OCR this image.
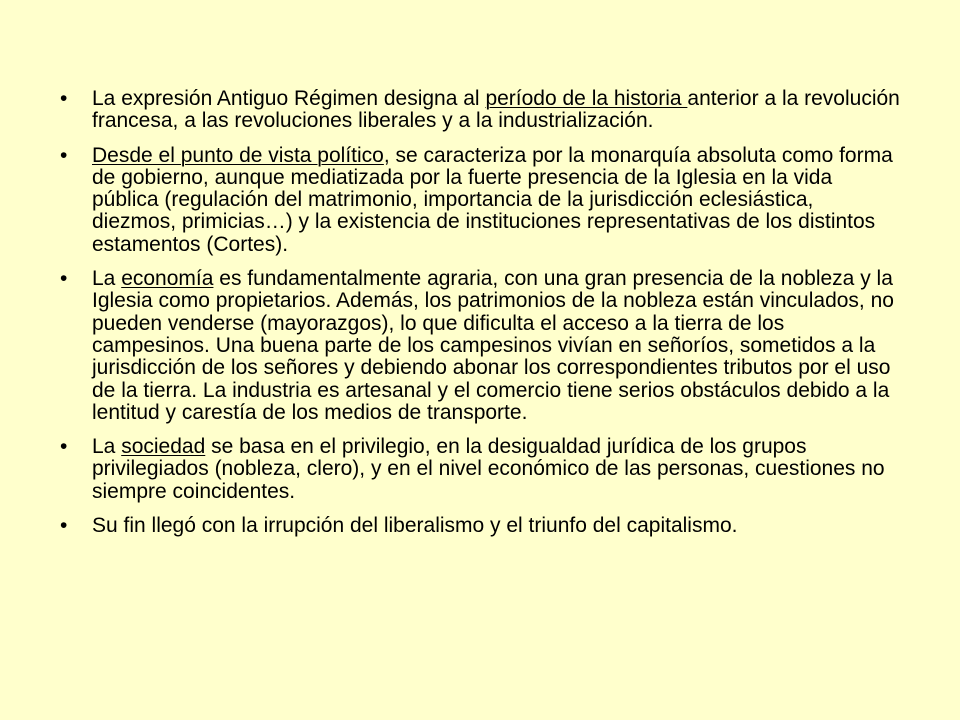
• La expresión Antiguo Régimen designa al período de la historia anterior a la revolución francesa, a las revoluciones liberales y a la industrialización.
• Desde el punto de vista político, se caracteriza por la monarquía absoluta como forma de gobierno, aunque mediatizada por la fuerte presencia de la Iglesia en la vida pública (regulación del matrimonio, importancia de la jurisdicción eclesiástica, diezmos, primicias…) y la existencia de instituciones representativas de los distintos estamentos (Cortes).
• La economía es fundamentalmente agraria, con una gran presencia de la nobleza y la Iglesia como propietarios. Además, los patrimonios de la nobleza están vinculados, no pueden venderse (mayorazgos), lo que dificulta el acceso a la tierra de los campesinos. Una buena parte de los campesinos vivían en señoríos, sometidos a la jurisdicción de los señores y debiendo abonar los correspondientes tributos por el uso de la tierra. La industria es artesanal y el comercio tiene serios obstáculos debido a la lentitud y carestía de los medios de transporte.
• La sociedad se basa en el privilegio, en la desigualdad jurídica de los grupos privilegiados (nobleza, clero), y en el nivel económico de las personas, cuestiones no siempre coincidentes.
• Su fin llegó con la irrupción del liberalismo y el triunfo del capitalismo.
